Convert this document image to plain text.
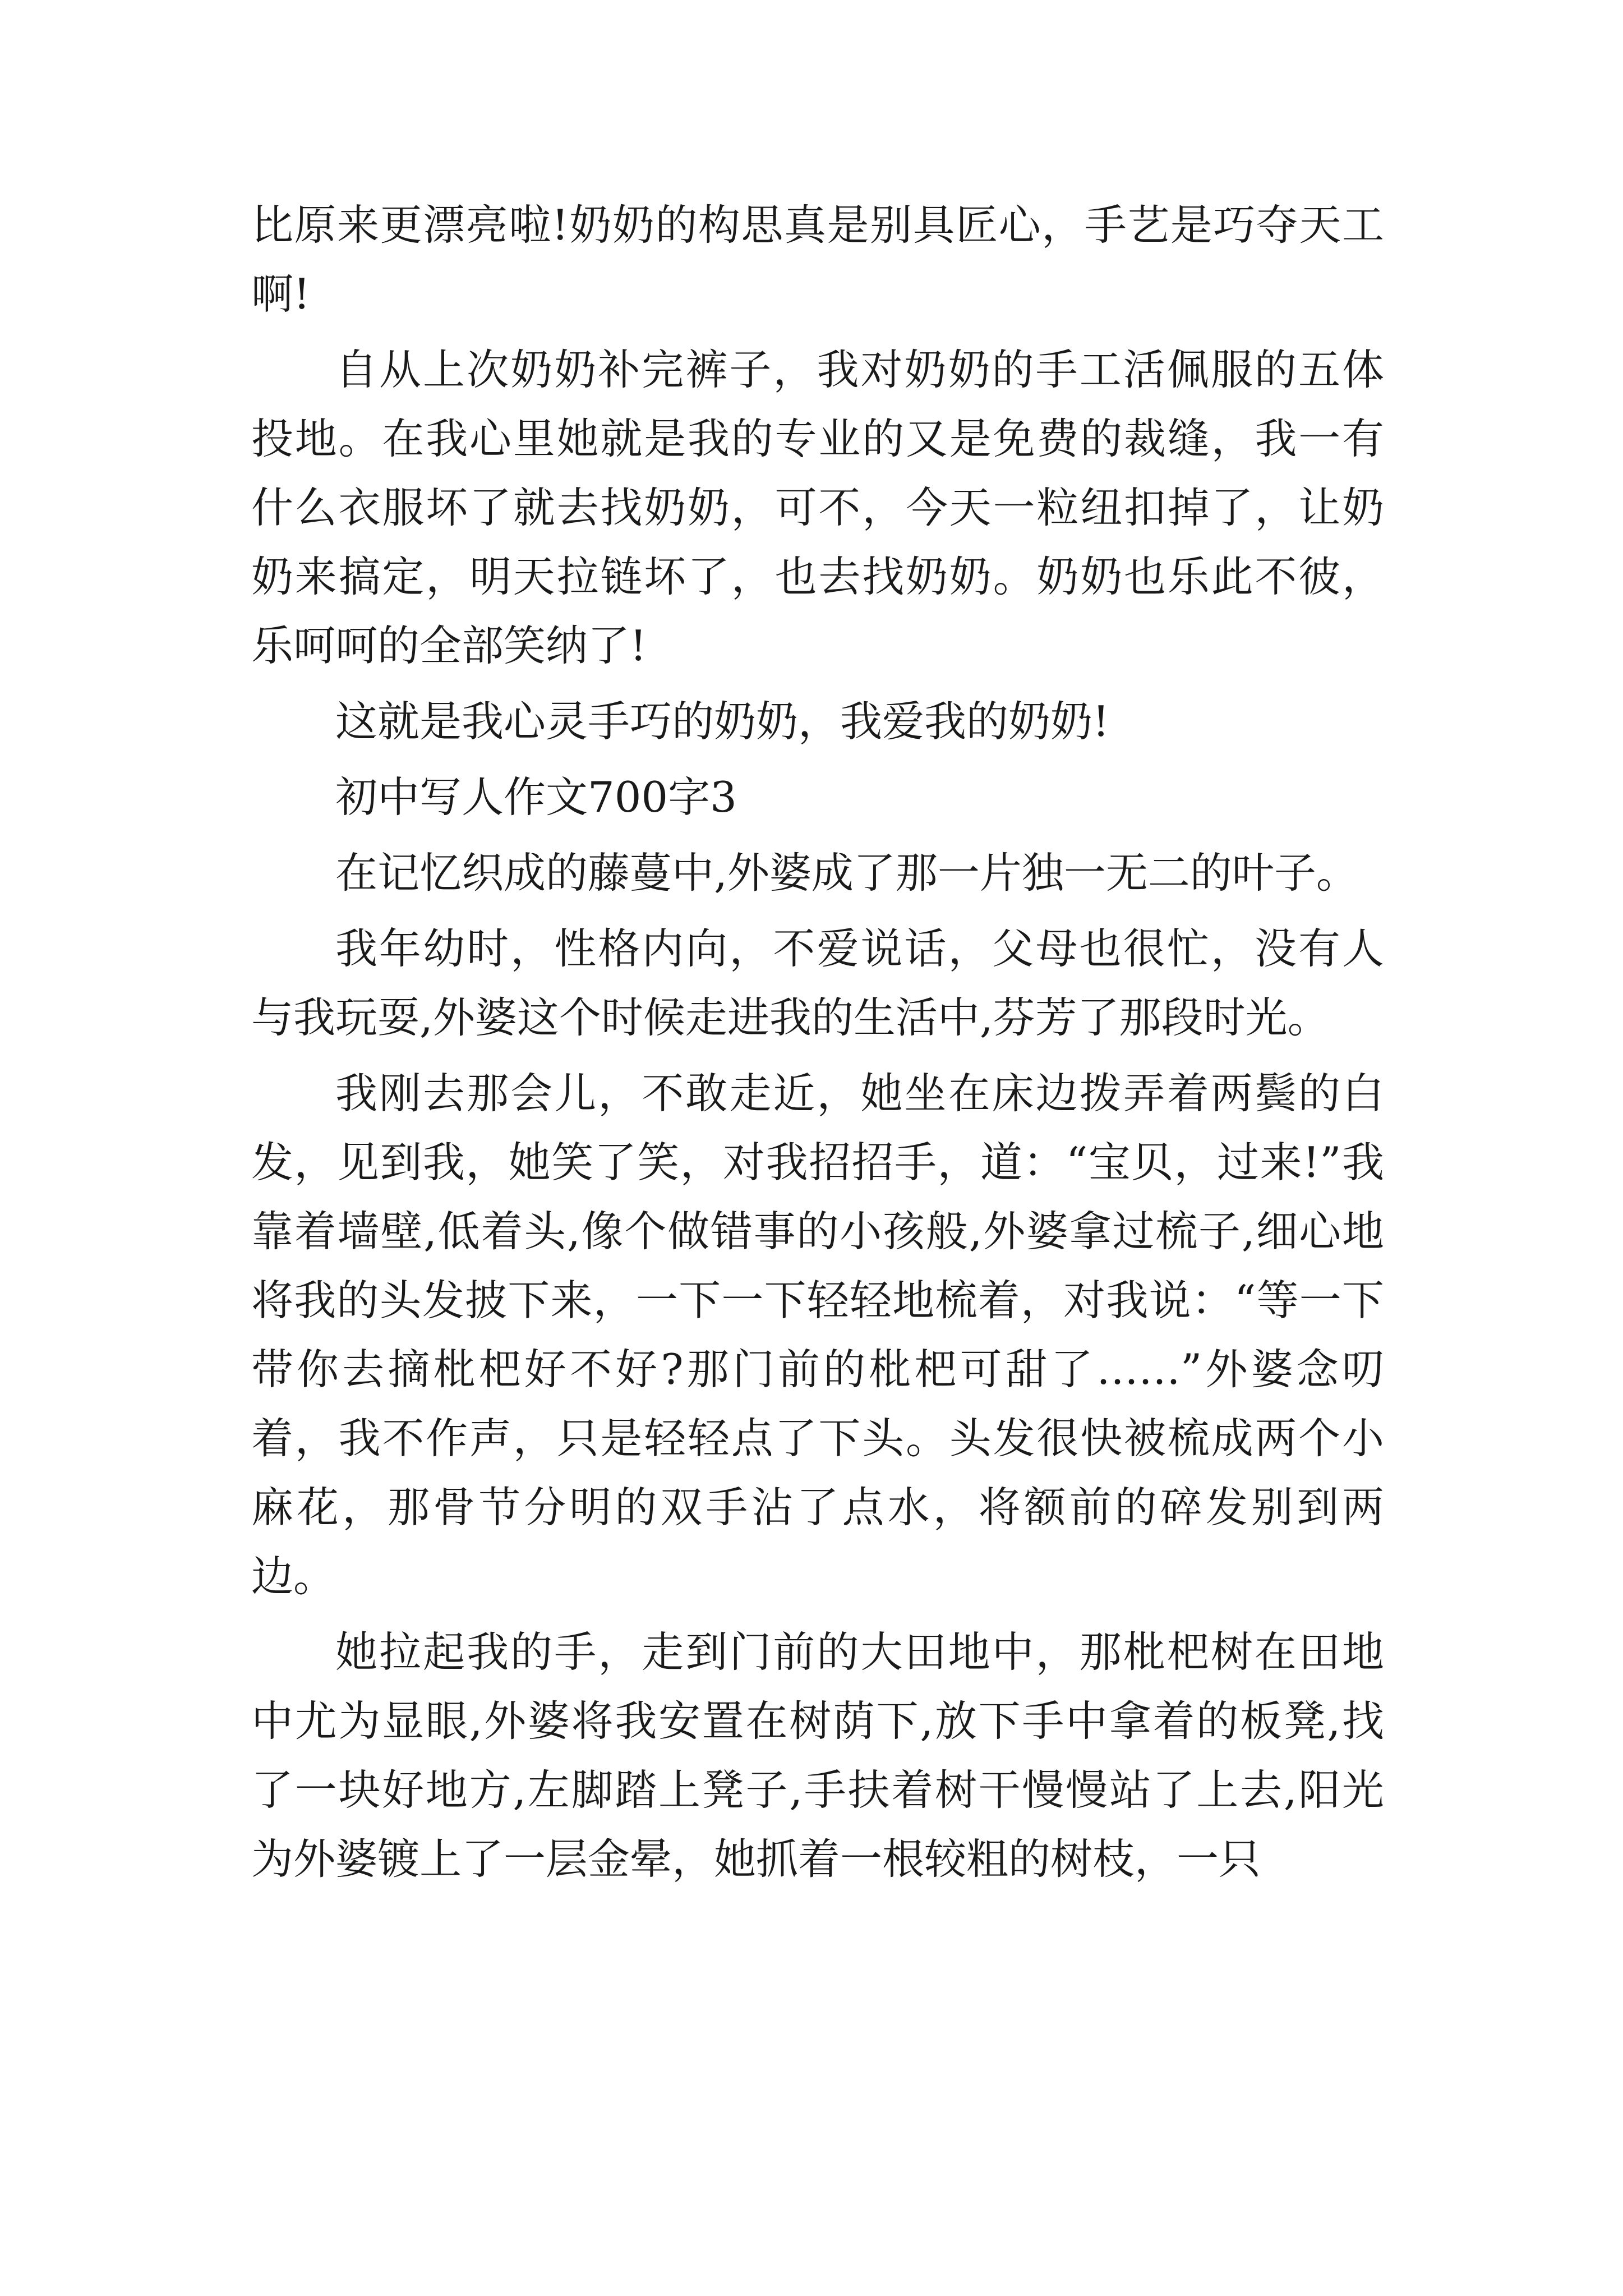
比原来更漂亮啦!奶奶的构思真是别具匠心，手艺是巧夺天工啊!

自从上次奶奶补完裤子，我对奶奶的手工活佩服的五体投地。在我心里她就是我的专业的又是免费的裁缝，我一有什么衣服坏了就去找奶奶，可不，今天一粒纽扣掉了，让奶奶来搞定，明天拉链坏了，也去找奶奶。奶奶也乐此不彼，乐呵呵的全部笑纳了!

这就是我心灵手巧的奶奶，我爱我的奶奶!

初中写人作文700字3

在记忆织成的藤蔓中,外婆成了那一片独一无二的叶子。

我年幼时，性格内向，不爱说话，父母也很忙，没有人与我玩耍,外婆这个时候走进我的生活中,芬芳了那段时光。

我刚去那会儿，不敢走近，她坐在床边拨弄着两鬓的白发，见到我，她笑了笑，对我招招手，道：“宝贝，过来!”我靠着墙壁,低着头,像个做错事的小孩般,外婆拿过梳子,细心地将我的头发披下来，一下一下轻轻地梳着，对我说：“等一下带你去摘枇杷好不好?那门前的枇杷可甜了……”外婆念叨着，我不作声，只是轻轻点了下头。头发很快被梳成两个小麻花，那骨节分明的双手沾了点水，将额前的碎发别到两边。

她拉起我的手，走到门前的大田地中，那枇杷树在田地中尤为显眼,外婆将我安置在树荫下,放下手中拿着的板凳,找了一块好地方,左脚踏上凳子,手扶着树干慢慢站了上去,阳光为外婆镀上了一层金晕，她抓着一根较粗的树枝，一只
